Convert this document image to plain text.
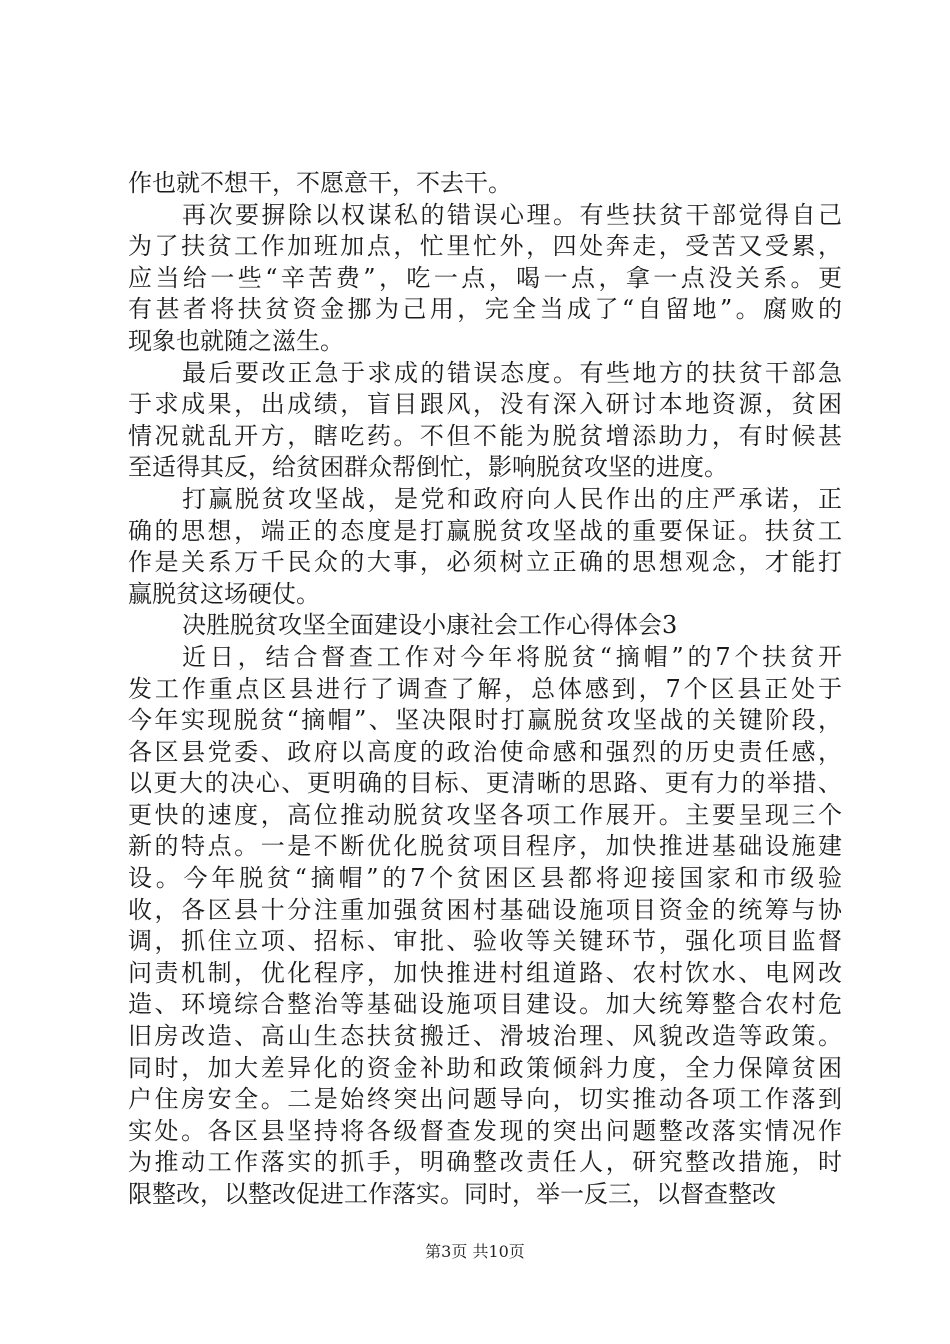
作也就不想干，不愿意干，不去干。
再次要摒除以权谋私的错误心理。有些扶贫干部觉得自己
为了扶贫工作加班加点，忙里忙外，四处奔走，受苦又受累，
应当给一些“辛苦费”，吃一点，喝一点，拿一点没关系。更
有甚者将扶贫资金挪为己用，完全当成了“自留地”。腐败的
现象也就随之滋生。
最后要改正急于求成的错误态度。有些地方的扶贫干部急
于求成果，出成绩，盲目跟风，没有深入研讨本地资源，贫困
情况就乱开方，瞎吃药。不但不能为脱贫增添助力，有时候甚
至适得其反，给贫困群众帮倒忙，影响脱贫攻坚的进度。
打赢脱贫攻坚战，是党和政府向人民作出的庄严承诺，正
确的思想，端正的态度是打赢脱贫攻坚战的重要保证。扶贫工
作是关系万千民众的大事，必须树立正确的思想观念，才能打
赢脱贫这场硬仗。
决胜脱贫攻坚全面建设小康社会工作心得体会3
近日，结合督查工作对今年将脱贫“摘帽”的7个扶贫开
发工作重点区县进行了调查了解，总体感到，7个区县正处于
今年实现脱贫“摘帽”、坚决限时打赢脱贫攻坚战的关键阶段，
各区县党委、政府以高度的政治使命感和强烈的历史责任感，
以更大的决心、更明确的目标、更清晰的思路、更有力的举措、
更快的速度，高位推动脱贫攻坚各项工作展开。主要呈现三个
新的特点。一是不断优化脱贫项目程序，加快推进基础设施建
设。今年脱贫“摘帽”的7个贫困区县都将迎接国家和市级验
收，各区县十分注重加强贫困村基础设施项目资金的统筹与协
调，抓住立项、招标、审批、验收等关键环节，强化项目监督
问责机制，优化程序，加快推进村组道路、农村饮水、电网改
造、环境综合整治等基础设施项目建设。加大统筹整合农村危
旧房改造、高山生态扶贫搬迁、滑坡治理、风貌改造等政策。
同时，加大差异化的资金补助和政策倾斜力度，全力保障贫困
户住房安全。二是始终突出问题导向，切实推动各项工作落到
实处。各区县坚持将各级督查发现的突出问题整改落实情况作
为推动工作落实的抓手，明确整改责任人，研究整改措施，时
限整改，以整改促进工作落实。同时，举一反三，以督查整改
第3页 共10页
